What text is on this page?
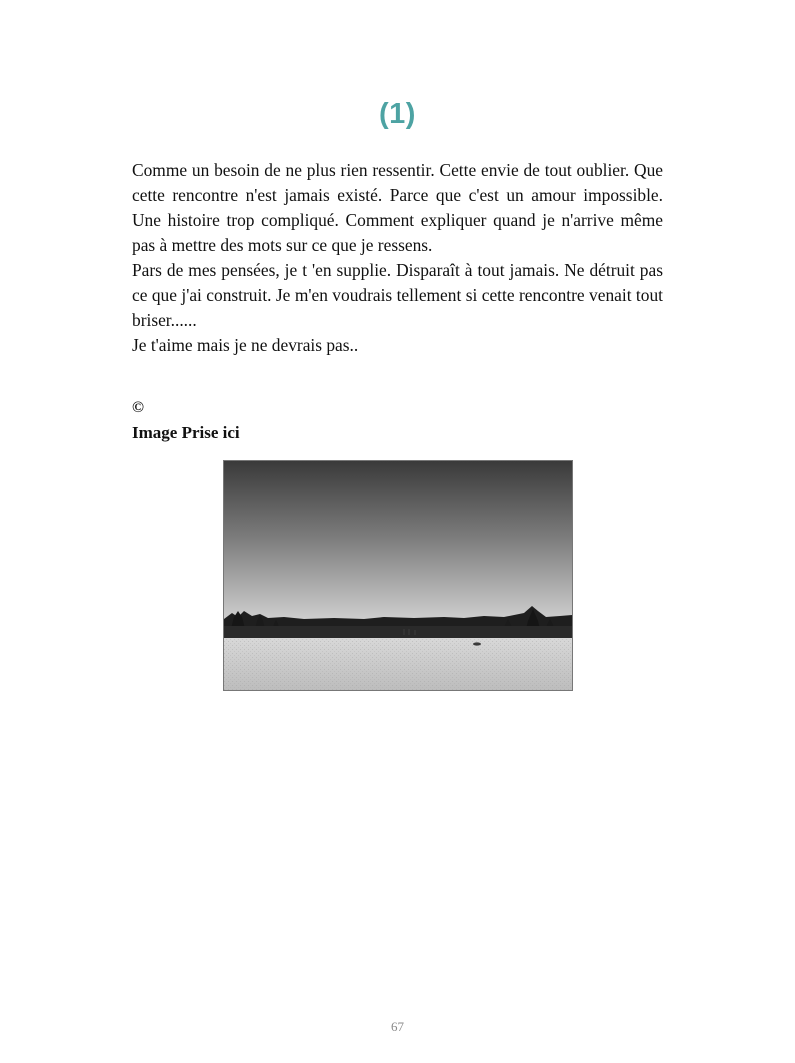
(1)

Comme un besoin de ne plus rien ressentir. Cette envie de tout oublier. Que cette rencontre n'est jamais existé. Parce que c'est un amour impossible. Une histoire trop compliqué. Comment expliquer quand je n'arrive même pas à mettre des mots sur ce que je ressens.

Pars de mes pensées, je t 'en supplie. Disparaît à tout jamais. Ne détruit pas ce que j'ai construit. Je m'en voudrais tellement si cette rencontre venait tout briser......

Je t'aime mais je ne devrais pas..

©
Image Prise ici
67
